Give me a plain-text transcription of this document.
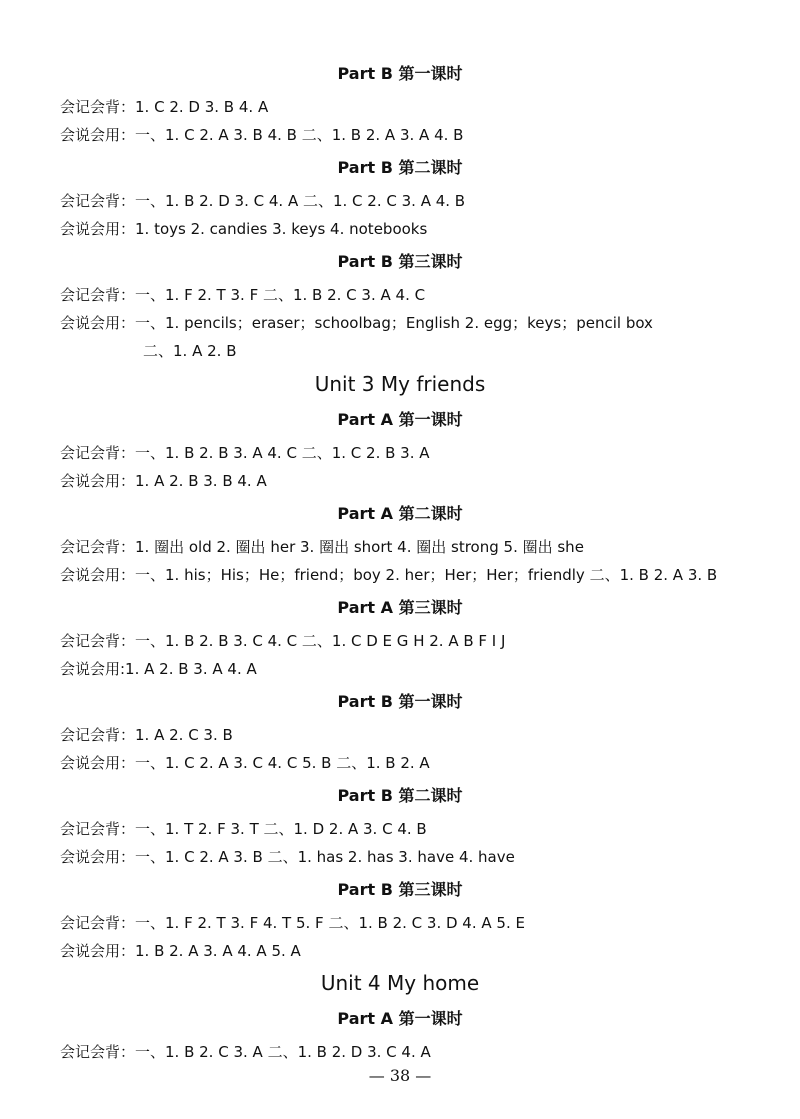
Part B 第一课时
会记会背：1. C 2. D 3. B 4. A
会说会用：一、1. C 2. A 3. B 4. B 二、1. B 2. A 3. A 4. B
Part B 第二课时
会记会背：一、1. B 2. D 3. C 4. A 二、1. C 2. C 3. A 4. B
会说会用：1. toys 2. candies 3. keys 4. notebooks
Part B 第三课时
会记会背：一、1. F 2. T 3. F 二、1. B 2. C 3. A 4. C
会说会用：一、1. pencils；eraser；schoolbag；English 2. egg；keys；pencil box
二、1. A 2. B
Unit 3 My friends
Part A 第一课时
会记会背：一、1. B 2. B 3. A 4. C 二、1. C 2. B 3. A
会说会用：1. A 2. B 3. B 4. A
Part A 第二课时
会记会背：1. 圈出 old 2. 圈出 her 3. 圈出 short 4. 圈出 strong 5. 圈出 she
会说会用：一、1. his；His；He；friend；boy 2. her；Her；Her；friendly 二、1. B 2. A 3. B
Part A 第三课时
会记会背：一、1. B 2. B 3. C 4. C 二、1. C D E G H 2. A B F I J
会说会用:1. A 2. B 3. A 4. A
Part B 第一课时
会记会背：1. A 2. C 3. B
会说会用：一、1. C 2. A 3. C 4. C 5. B 二、1. B 2. A
Part B 第二课时
会记会背：一、1. T 2. F 3. T 二、1. D 2. A 3. C 4. B
会说会用：一、1. C 2. A 3. B 二、1. has 2. has 3. have 4. have
Part B 第三课时
会记会背：一、1. F 2. T 3. F 4. T 5. F 二、1. B 2. C 3. D 4. A 5. E
会说会用：1. B 2. A 3. A 4. A 5. A
Unit 4 My home
Part A 第一课时
会记会背：一、1. B 2. C 3. A 二、1. B 2. D 3. C 4. A
— 38 —
